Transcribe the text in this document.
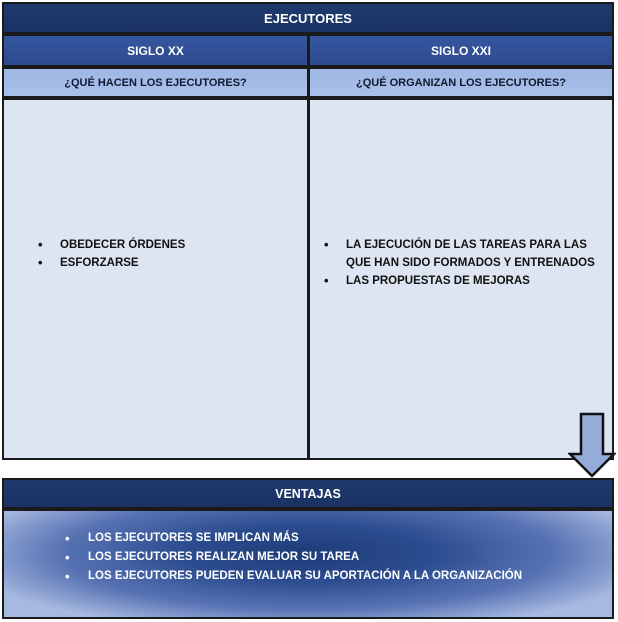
EJECUTORES
SIGLO XX	SIGLO XXI
¿QUÉ HACEN LOS EJECUTORES?	¿QUÉ ORGANIZAN LOS EJECUTORES?
• OBEDECER ÓRDENES
• ESFORZARSE
• LA EJECUCIÓN DE LAS TAREAS PARA LAS QUE HAN SIDO FORMADOS Y ENTRENADOS
• LAS PROPUESTAS DE MEJORAS
VENTAJAS
• LOS EJECUTORES SE IMPLICAN MÁS
• LOS EJECUTORES REALIZAN MEJOR SU TAREA
• LOS EJECUTORES PUEDEN EVALUAR SU APORTACIÓN A LA ORGANIZACIÓN
